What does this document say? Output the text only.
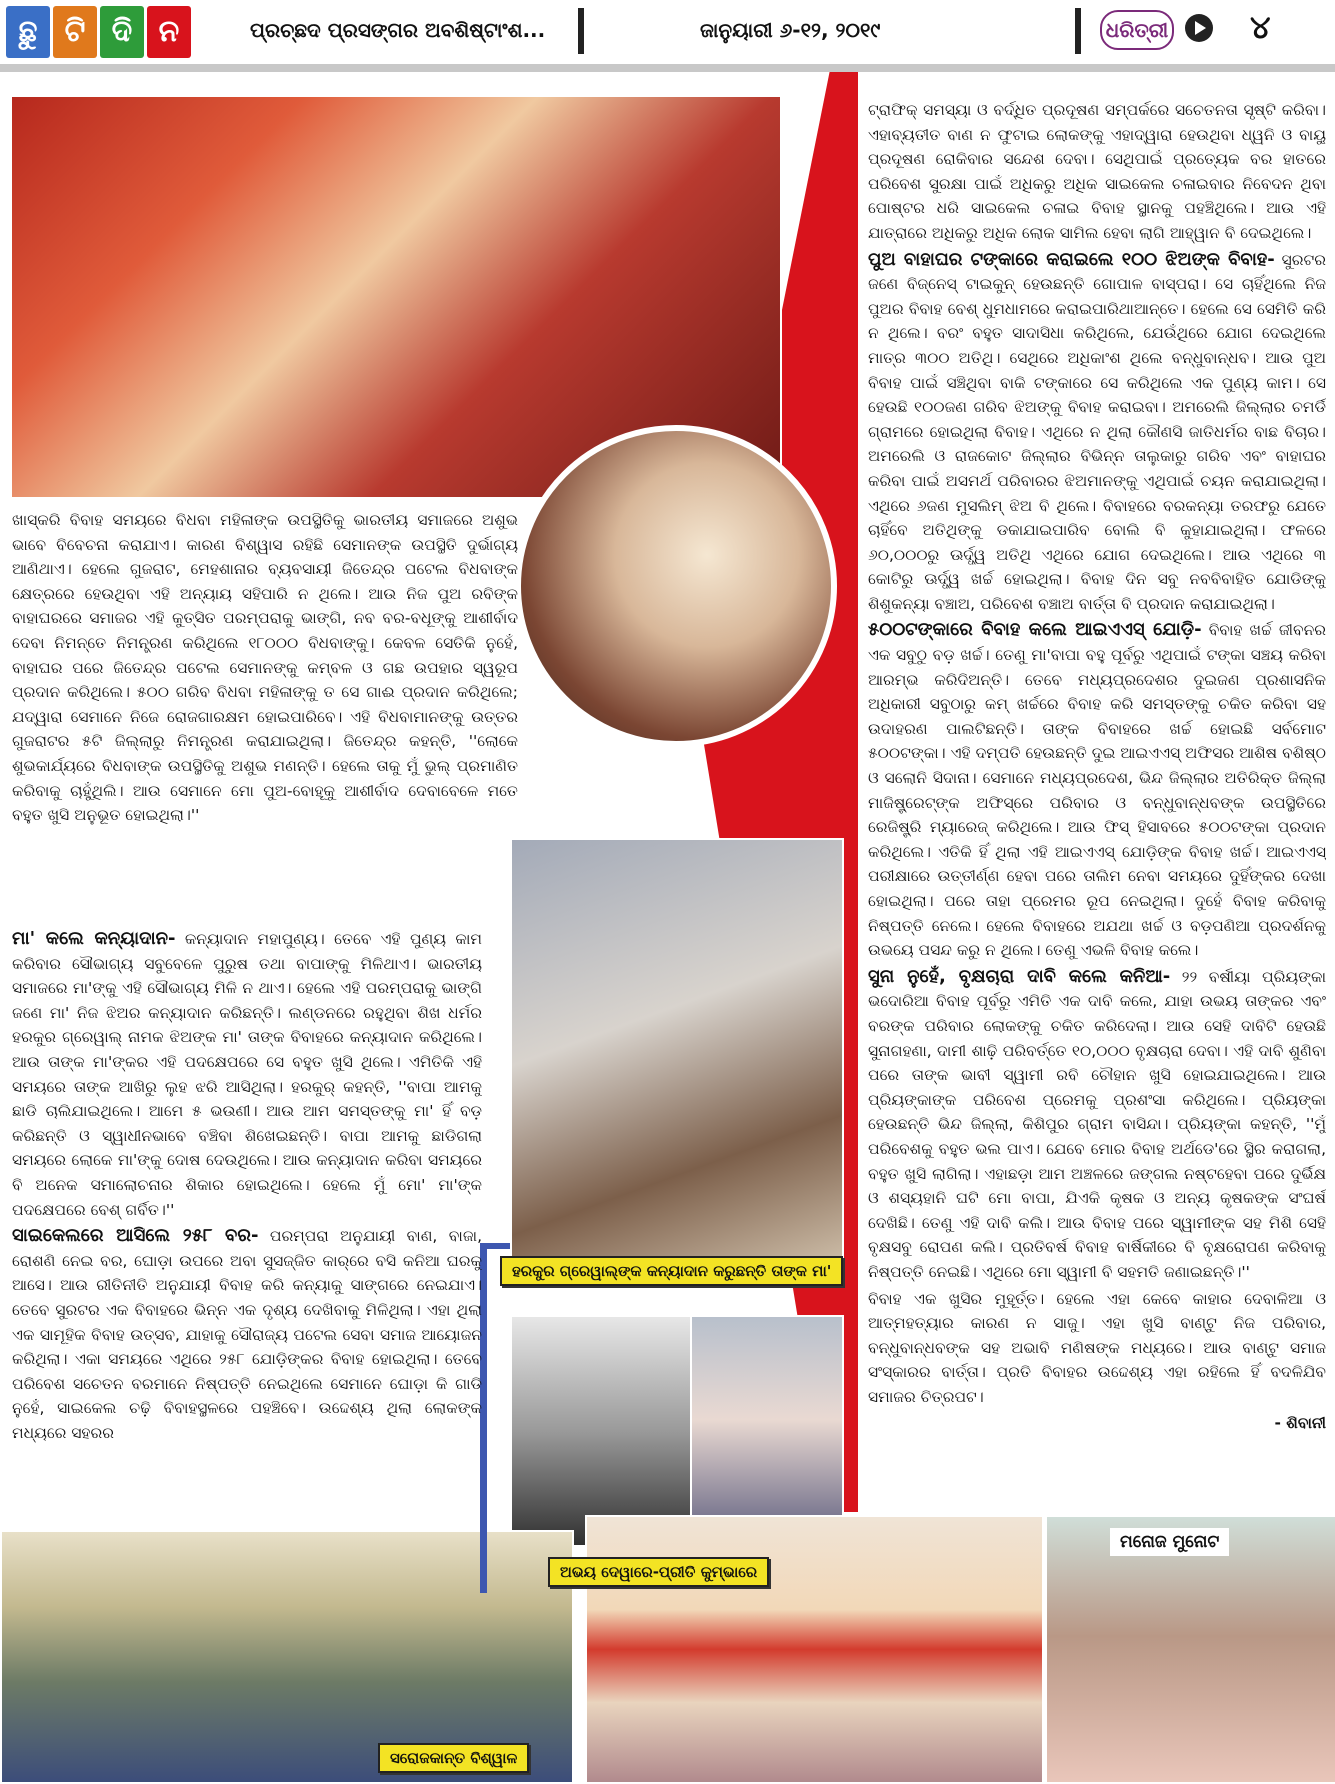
ଛୁ ଟି ଦି ନ	ପ୍ରଚ୍ଛଦ ପ୍ରସଙ୍ଗର ଅବଶିଷ୍ଟାଂଶ...	ଜାନୁୟାରୀ ୬-୧୨, ୨୦୧୯	ଧରିତ୍ରୀ	୪
ହରକୁର ଗ୍ରେୱାଲ୍‌ଙ୍କ କନ୍ୟାଦାନ କରୁଛନ୍ତି ତାଙ୍କ ମା'
ଅଭୟ ଦେୱାରେ-ପ୍ରୀତି କୁମ୍ଭାରେ
ସରୋଜକାନ୍ତ ବିଶ୍ୱାଳ
ମନୋଜ ମୁନୋଟ

ଖାସ୍‌କରି ବିବାହ ସମୟରେ ବିଧବା ମହିଳାଙ୍କ ଉପସ୍ଥିତିକୁ ଭାରତୀୟ ସମାଜରେ ଅଶୁଭ ଭାବେ ବିବେଚନା କରାଯାଏ। କାରଣ ବିଶ୍ୱାସ ରହିଛି ସେମାନଙ୍କ ଉପସ୍ଥିତି ଦୁର୍ଭାଗ୍ୟ ଆଣିଥାଏ। ହେଲେ ଗୁଜରାଟ, ମେହଶାନାର ବ୍ୟବସାୟୀ ଜିତେନ୍ଦ୍ର ପଟେଲ ବିଧବାଙ୍କ କ୍ଷେତ୍ରରେ ହେଉଥିବା ଏହି ଅନ୍ୟାୟ ସହିପାରି ନ ଥିଲେ। ଆଉ ନିଜ ପୁଅ ରବିଙ୍କ ବାହାଘରରେ ସମାଜର ଏହି କୁତ୍ସିତ ପରମ୍ପରାକୁ ଭାଙ୍ଗି, ନବ ବର-ବଧୂଙ୍କୁ ଆଶୀର୍ବାଦ ଦେବା ନିମନ୍ତେ ନିମନ୍ତ୍ରଣ କରିଥିଲେ ୧୮୦୦୦ ବିଧବାଙ୍କୁ। କେବଳ ସେତିକି ନୁହେଁ, ବାହାଘର ପରେ ଜିତେନ୍ଦ୍ର ପଟେଲ ସେମାନଙ୍କୁ କମ୍ବଳ ଓ ଗଛ ଉପହାର ସ୍ୱରୂପ ପ୍ରଦାନ କରିଥିଲେ। ୫୦୦ ଗରିବ ବିଧବା ମହିଳାଙ୍କୁ ତ ସେ ଗାଈ ପ୍ରଦାନ କରିଥିଲେ; ଯଦ୍ୱାରା ସେମାନେ ନିଜେ ରୋଜଗାରକ୍ଷମ ହୋଇପାରିବେ। ଏହି ବିଧବାମାନଙ୍କୁ ଉତ୍ତର ଗୁଜରାଟର ୫ଟି ଜିଲ୍ଲାରୁ ନିମନ୍ତ୍ରଣ କରାଯାଇଥିଲା। ଜିତେନ୍ଦ୍ର କହନ୍ତି, ''ଲୋକେ ଶୁଭକାର୍ଯ୍ୟରେ ବିଧବାଙ୍କ ଉପସ୍ଥିତିକୁ ଅଶୁଭ ମଣନ୍ତି। ହେଲେ ତାକୁ ମୁଁ ଭୁଲ୍ ପ୍ରମାଣିତ କରିବାକୁ ଚାହୁଁଥିଲି। ଆଉ ସେମାନେ ମୋ ପୁଅ-ବୋହୂକୁ ଆଶୀର୍ବାଦ ଦେବାବେଳେ ମତେ ବହୁତ ଖୁସି ଅନୁଭୂତ ହୋଇଥିଲା।''

ମା' କଲେ କନ୍ୟାଦାନ- କନ୍ୟାଦାନ ମହାପୁଣ୍ୟ। ତେବେ ଏହି ପୁଣ୍ୟ କାମ କରିବାର ସୌଭାଗ୍ୟ ସବୁବେଳେ ପୁରୁଷ ତଥା ବାପାଙ୍କୁ ମିଳିଥାଏ। ଭାରତୀୟ ସମାଜରେ ମା'ଙ୍କୁ ଏହି ସୌଭାଗ୍ୟ ମିଳି ନ ଥାଏ। ହେଲେ ଏହି ପରମ୍ପରାକୁ ଭାଙ୍ଗି ଜଣେ ମା' ନିଜ ଝିଅର କନ୍ୟାଦାନ କରିଛନ୍ତି। ଲଣ୍ଡନରେ ରହୁଥିବା ଶିଖ ଧର୍ମର ହରକୁର ଗ୍ରେୱାଲ୍ ନାମକ ଝିଅଙ୍କ ମା' ତାଙ୍କ ବିବାହରେ କନ୍ୟାଦାନ କରିଥିଲେ। ଆଉ ତାଙ୍କ ମା'ଙ୍କର ଏହି ପଦକ୍ଷେପରେ ସେ ବହୁତ ଖୁସି ଥିଲେ। ଏମିତିକି ଏହି ସମୟରେ ତାଙ୍କ ଆଖିରୁ ଲୁହ ଝରି ଆସିଥିଲା। ହରକୁର୍ କହନ୍ତି, ''ବାପା ଆମକୁ ଛାଡି ଚାଲିଯାଇଥିଲେ। ଆମେ ୫ ଭଉଣୀ। ଆଉ ଆମ ସମସ୍ତଙ୍କୁ ମା' ହିଁ ବଡ଼ କରିଛନ୍ତି ଓ ସ୍ୱାଧୀନଭାବେ ବଞ୍ଚିବା ଶିଖେଇଛନ୍ତି। ବାପା ଆମକୁ ଛାଡିଗଲା ସମୟରେ ଲୋକେ ମା'ଙ୍କୁ ଦୋଷ ଦେଉଥିଲେ। ଆଉ କନ୍ୟାଦାନ କରିବା ସମୟରେ ବି ଅନେକ ସମାଲୋଚନାର ଶିକାର ହୋଇଥିଲେ। ହେଲେ ମୁଁ ମୋ' ମା'ଙ୍କ ପଦକ୍ଷେପରେ ବେଶ୍ ଗର୍ବିତ।''

ସାଇକେଲରେ ଆସିଲେ ୨୫୮ ବର- ପରମ୍ପରା ଅନୁଯାୟୀ ବାଣ, ବାଜା, ରୋଶଣି ନେଇ ବର, ଘୋଡ଼ା ଉପରେ ଅବା ସୁସଜ୍ଜିତ କାର୍‌ରେ ବସି କନିଆ ଘରକୁ ଆସେ। ଆଉ ରୀତିନୀତି ଅନୁଯାୟୀ ବିବାହ କରି କନ୍ୟାକୁ ସାଙ୍ଗରେ ନେଇଯାଏ। ତେବେ ସୁରଟର ଏକ ବିବାହରେ ଭିନ୍ନ ଏକ ଦୃଶ୍ୟ ଦେଖିବାକୁ ମିଳିଥିଲା। ଏହା ଥିଲା ଏକ ସାମୂହିକ ବିବାହ ଉତ୍ସବ, ଯାହାକୁ ସୌରାଜ୍ୟ ପଟେଲ ସେବା ସମାଜ ଆୟୋଜନ କରିଥିଲା। ଏକା ସମୟରେ ଏଥିରେ ୨୫୮ ଯୋଡ଼ିଙ୍କର ବିବାହ ହୋଇଥିଲା। ତେବେ ପରିବେଶ ସଚେତନ ବରମାନେ ନିଷ୍ପତ୍ତି ନେଇଥିଲେ ସେମାନେ ଘୋଡ଼ା କି ଗାଡି ନୁହେଁ, ସାଇକେଲ ଚଢ଼ି ବିବାହସ୍ଥଳରେ ପହଞ୍ଚିବେ। ଉଦ୍ଦେଶ୍ୟ ଥିଲା ଲୋକଙ୍କ ମଧ୍ୟରେ ସହରର

ଟ୍ରାଫିକ୍ ସମସ୍ୟା ଓ ବର୍ଦ୍ଧିତ ପ୍ରଦୂଷଣ ସମ୍ପର୍କରେ ସଚେତନତା ସୃଷ୍ଟି କରିବା। ଏହାବ୍ୟତୀତ ବାଣ ନ ଫୁଟାଇ ଲୋକଙ୍କୁ ଏହାଦ୍ୱାରା ହେଉଥିବା ଧ୍ୱନି ଓ ବାୟୁ ପ୍ରଦୂଷଣ ରୋକିବାର ସନ୍ଦେଶ ଦେବା। ସେଥିପାଇଁ ପ୍ରତ୍ୟେକ ବର ହାତରେ ପରିବେଶ ସୁରକ୍ଷା ପାଇଁ ଅଧିକରୁ ଅଧିକ ସାଇକେଲ ଚଳାଇବାର ନିବେଦନ ଥିବା ପୋଷ୍ଟର ଧରି ସାଇକେଲ ଚଳାଇ ବିବାହ ସ୍ଥାନକୁ ପହଞ୍ଚିଥିଲେ। ଆଉ ଏହି ଯାତ୍ରାରେ ଅଧିକରୁ ଅଧିକ ଲୋକ ସାମିଲ ହେବା ଲାଗି ଆହ୍ୱାନ ବି ଦେଇଥିଲେ।

ପୁଅ ବାହାଘର ଟଙ୍କାରେ କରାଇଲେ ୧୦୦ ଝିଅଙ୍କ ବିବାହ- ସୁରଟର ଜଣେ ବିଜ୍‌ନେସ୍ ଟାଇକୁନ୍ ହେଉଛନ୍ତି ଗୋପାଳ ବାସ୍ପରା। ସେ ଚାହିଁଥିଲେ ନିଜ ପୁଅର ବିବାହ ବେଶ୍ ଧୁମଧାମରେ କରାଇପାରିଥାଆନ୍ତେ। ହେଲେ ସେ ସେମିତି କରି ନ ଥିଲେ। ବରଂ ବହୁତ ସାଦାସିଧା କରିଥିଲେ, ଯେଉଁଥିରେ ଯୋଗ ଦେଇଥିଲେ ମାତ୍ର ୩୦୦ ଅତିଥି। ସେଥିରେ ଅଧିକାଂଶ ଥିଲେ ବନ୍ଧୁବାନ୍ଧବ। ଆଉ ପୁଅ ବିବାହ ପାଇଁ ସଞ୍ଚିଥିବା ବାକି ଟଙ୍କାରେ ସେ କରିଥିଲେ ଏକ ପୁଣ୍ୟ କାମ। ସେ ହେଉଛି ୧୦୦ଜଣ ଗରିବ ଝିଅଙ୍କୁ ବିବାହ କରାଇବା। ଅମରେଲି ଜିଲ୍ଲାର ଚମର୍ଡି ଗ୍ରାମରେ ହୋଇଥିଲା ବିବାହ। ଏଥିରେ ନ ଥିଲା କୌଣସି ଜାତିଧର୍ମର ବାଛ ବିଚାର। ଅମରେଲି ଓ ରାଜକୋଟ ଜିଲ୍ଲାର ବିଭିନ୍ନ ତାଲୁକାରୁ ଗରିବ ଏବଂ ବାହାଘର କରିବା ପାଇଁ ଅସମର୍ଥ ପରିବାରର ଝିଅମାନଙ୍କୁ ଏଥିପାଇଁ ଚୟନ କରାଯାଇଥିଲା। ଏଥିରେ ୬ଜଣ ମୁସଲିମ୍ ଝିଅ ବି ଥିଲେ। ବିବାହରେ ବରକନ୍ୟା ତରଫରୁ ଯେତେ ଚାହିଁବେ ଅତିଥିଙ୍କୁ ଡକାଯାଇପାରିବ ବୋଲି ବି କୁହାଯାଇଥିଲା। ଫଳରେ ୬୦,୦୦୦ରୁ ଊର୍ଦ୍ଧ୍ୱ ଅତିଥି ଏଥିରେ ଯୋଗ ଦେଇଥିଲେ। ଆଉ ଏଥିରେ ୩ କୋଟିରୁ ଊର୍ଦ୍ଧ୍ୱ ଖର୍ଚ୍ଚ ହୋଇଥିଲା। ବିବାହ ଦିନ ସବୁ ନବବିବାହିତ ଯୋଡିଙ୍କୁ ଶିଶୁକନ୍ୟା ବଞ୍ଚାଅ, ପରିବେଶ ବଞ୍ଚାଅ ବାର୍ତ୍ତା ବି ପ୍ରଦାନ କରାଯାଇଥିଲା।

୫୦୦ଟଙ୍କାରେ ବିବାହ କଲେ ଆଇଏଏସ୍ ଯୋଡ଼ି- ବିବାହ ଖର୍ଚ୍ଚ ଜୀବନର ଏକ ସବୁଠୁ ବଡ଼ ଖର୍ଚ୍ଚ। ତେଣୁ ମା'ବାପା ବହୁ ପୂର୍ବରୁ ଏଥିପାଇଁ ଟଙ୍କା ସଞ୍ଚୟ କରିବା ଆରମ୍ଭ କରିଦିଅନ୍ତି। ତେବେ ମଧ୍ୟପ୍ରଦେଶର ଦୁଇଜଣ ପ୍ରଶାସନିକ ଅଧିକାରୀ ସବୁଠାରୁ କମ୍ ଖର୍ଚ୍ଚରେ ବିବାହ କରି ସମସ୍ତଙ୍କୁ ଚକିତ କରିବା ସହ ଉଦାହରଣ ପାଲଟିଛନ୍ତି। ତାଙ୍କ ବିବାହରେ ଖର୍ଚ୍ଚ ହୋଇଛି ସର୍ବମୋଟ ୫୦୦ଟଙ୍କା। ଏହି ଦମ୍ପତି ହେଉଛନ୍ତି ଦୁଇ ଆଇଏଏସ୍ ଅଫିସର ଆଶିଷ ବଶିଷ୍ଠ ଓ ସଲୋନି ସିଦାନା। ସେମାନେ ମଧ୍ୟପ୍ରଦେଶ, ଭିନ୍ଦ ଜିଲ୍ଲାର ଅତିରିକ୍ତ ଜିଲ୍ଲା ମାଜିଷ୍ଟ୍ରେଟ୍‌ଙ୍କ ଅଫିସ୍‌ରେ ପରିବାର ଓ ବନ୍ଧୁବାନ୍ଧବଙ୍କ ଉପସ୍ଥିତିରେ ରେଜିଷ୍ଟ୍ରି ମ୍ୟାରେଜ୍ କରିଥିଲେ। ଆଉ ଫିସ୍ ହିସାବରେ ୫୦୦ଟଙ୍କା ପ୍ରଦାନ କରିଥିଲେ। ଏତିକି ହିଁ ଥିଲା ଏହି ଆଇଏଏସ୍ ଯୋଡ଼ିଙ୍କ ବିବାହ ଖର୍ଚ୍ଚ। ଆଇଏଏସ୍ ପରୀକ୍ଷାରେ ଉତ୍ତୀର୍ଣ୍ଣ ହେବା ପରେ ତାଲିମ ନେବା ସମୟରେ ଦୁହିଁଙ୍କର ଦେଖା ହୋଇଥିଲା। ପରେ ତାହା ପ୍ରେମର ରୂପ ନେଇଥିଲା। ଦୁହେଁ ବିବାହ କରିବାକୁ ନିଷ୍ପତ୍ତି ନେଲେ। ହେଲେ ବିବାହରେ ଅଯଥା ଖର୍ଚ୍ଚ ଓ ବଡ଼ପଣିଆ ପ୍ରଦର୍ଶନକୁ ଉଭୟେ ପସନ୍ଦ କରୁ ନ ଥିଲେ। ତେଣୁ ଏଭଳି ବିବାହ କଲେ।

ସୁନା ନୁହେଁ, ବୃକ୍ଷଚାରା ଦାବି କଲେ କନିଆ- ୨୨ ବର୍ଷୀୟା ପ୍ରିୟଙ୍କା ଭଦୋରିଆ ବିବାହ ପୂର୍ବରୁ ଏମିତି ଏକ ଦାବି କଲେ, ଯାହା ଉଭୟ ତାଙ୍କର ଏବଂ ବରଙ୍କ ପରିବାର ଲୋକଙ୍କୁ ଚକିତ କରିଦେଲା। ଆଉ ସେହି ଦାବିଟି ହେଉଛି ସୁନାଗହଣା, ଦାମୀ ଶାଢ଼ି ପରିବର୍ତ୍ତେ ୧୦,୦୦୦ ବୃକ୍ଷଚାରା ଦେବା। ଏହି ଦାବି ଶୁଣିବା ପରେ ତାଙ୍କ ଭାବୀ ସ୍ୱାମୀ ରବି ଚୌହାନ ଖୁସି ହୋଇଯାଇଥିଲେ। ଆଉ ପ୍ରିୟଙ୍କାଙ୍କ ପରିବେଶ ପ୍ରେମକୁ ପ୍ରଶଂସା କରିଥିଲେ। ପ୍ରିୟଙ୍କା ହେଉଛନ୍ତି ଭିନ୍ଦ ଜିଲ୍ଲା, କିଶିପୁର ଗ୍ରାମ ବାସିନ୍ଦା। ପ୍ରିୟଙ୍କା କହନ୍ତି, ''ମୁଁ ପରିବେଶକୁ ବହୁତ ଭଲ ପାଏ। ଯେବେ ମୋର ବିବାହ ଅର୍ଥଡେ'ରେ ସ୍ଥିର କରାଗଲା, ବହୁତ ଖୁସି ଲାଗିଲା। ଏହାଛଡ଼ା ଆମ ଅଞ୍ଚଳରେ ଜଙ୍ଗଲ ନଷ୍ଟହେବା ପରେ ଦୁର୍ଭିକ୍ଷ ଓ ଶସ୍ୟହାନି ଘଟି ମୋ ବାପା, ଯିଏକି କୃଷକ ଓ ଅନ୍ୟ କୃଷକଙ୍କ ସଂଘର୍ଷ ଦେଖିଛି। ତେଣୁ ଏହି ଦାବି କଲି। ଆଉ ବିବାହ ପରେ ସ୍ୱାମୀଙ୍କ ସହ ମିଶି ସେହି ବୃକ୍ଷସବୁ ରୋପଣ କଲି। ପ୍ରତିବର୍ଷ ବିବାହ ବାର୍ଷିକୀରେ ବି ବୃକ୍ଷରୋପଣ କରିବାକୁ ନିଷ୍ପତ୍ତି ନେଇଛି। ଏଥିରେ ମୋ ସ୍ୱାମୀ ବି ସହମତି ଜଣାଇଛନ୍ତି।''

ବିବାହ ଏକ ଖୁସିର ମୁହୂର୍ତ୍ତ। ହେଲେ ଏହା କେବେ କାହାର ଦେବାଳିଆ ଓ ଆତ୍ମହତ୍ୟାର କାରଣ ନ ସାଜୁ। ଏହା ଖୁସି ବାଣ୍ଟୁ ନିଜ ପରିବାର, ବନ୍ଧୁବାନ୍ଧବଙ୍କ ସହ ଅଭାବି ମଣିଷଙ୍କ ମଧ୍ୟରେ। ଆଉ ବାଣ୍ଟୁ ସମାଜ ସଂସ୍କାରର ବାର୍ତ୍ତା। ପ୍ରତି ବିବାହର ଉଦ୍ଦେଶ୍ୟ ଏହା ରହିଲେ ହିଁ ବଦଳିଯିବ ସମାଜର ଚିତ୍ରପଟ।

- ଶିବାନୀ
